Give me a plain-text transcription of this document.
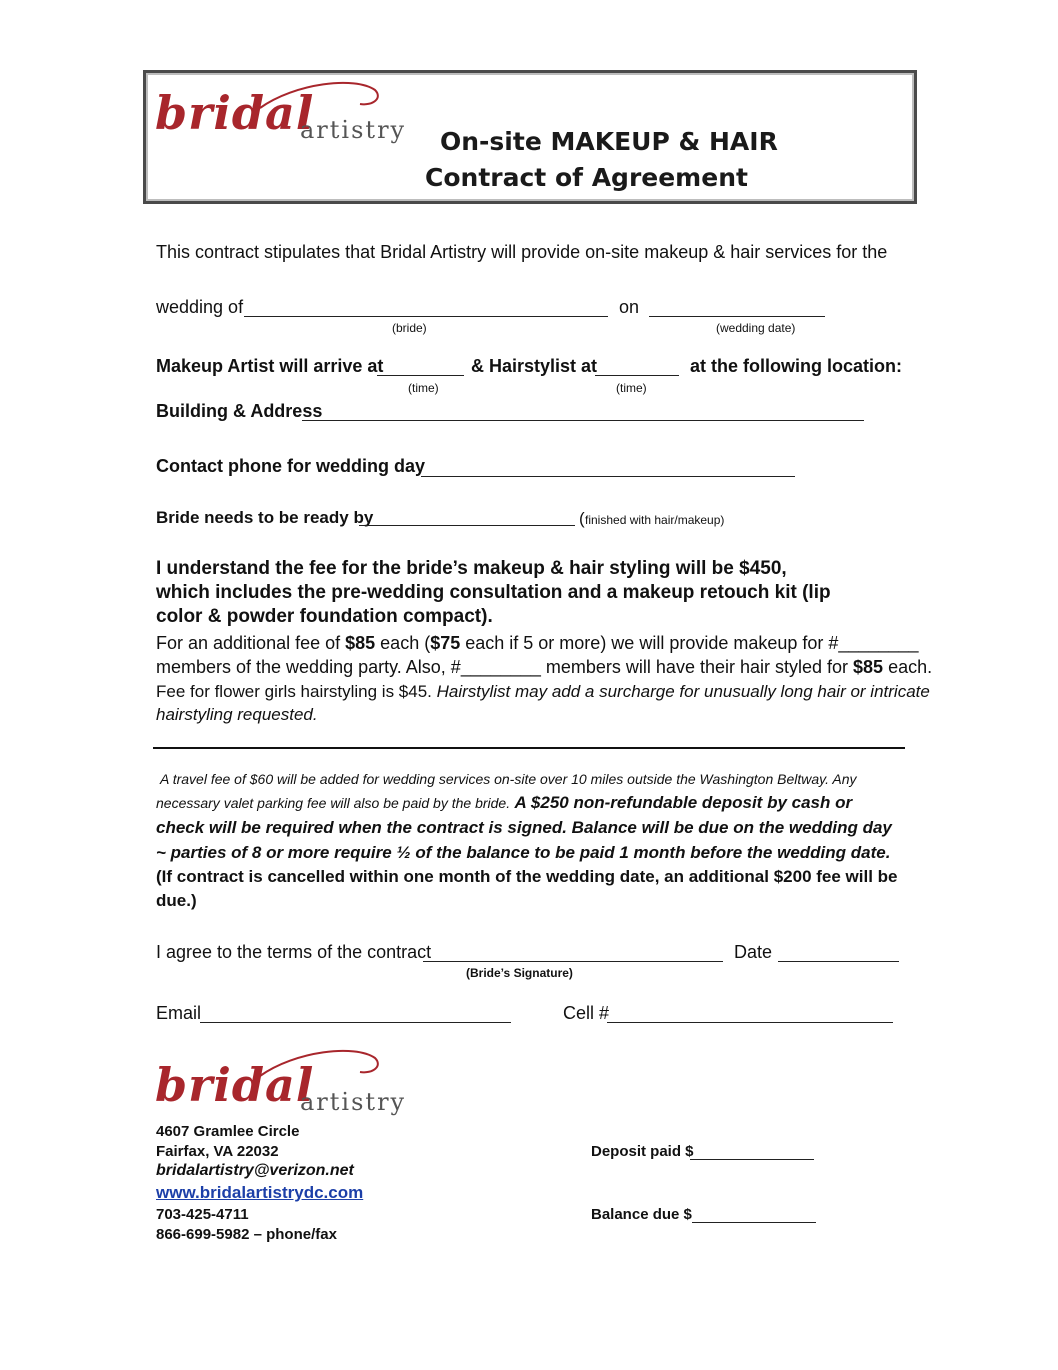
bridal
artistry On-site MAKEUP & HAIR
Contract of Agreement
This contract stipulates that Bridal Artistry will provide on-site makeup & hair services for the
wedding of	on
(bride)	(wedding date)
Makeup Artist will arrive at	& Hairstylist at	at the following location:
(time)	(time)
Building & Address
Contact phone for wedding day
Bride needs to be ready by	( finished with hair/makeup)
I understand the fee for the bride’s makeup & hair styling will be $450,
which includes the pre-wedding consultation and a makeup retouch kit (lip
color & powder foundation compact).
For an additional fee of $85 each ($75 each if 5 or more) we will provide makeup for #________
members of the wedding party. Also, #________ members will have their hair styled for $85 each.
Fee for flower girls hairstyling is $45. Hairstylist may add a surcharge for unusually long hair or intricate
hairstyling requested.
A travel fee of $60 will be added for wedding services on-site over 10 miles outside the Washington Beltway. Any
necessary valet parking fee will also be paid by the bride. A $250 non-refundable deposit by cash or
check will be required when the contract is signed. Balance will be due on the wedding day
~ parties of 8 or more require ½ of the balance to be paid 1 month before the wedding date.
(If contract is cancelled within one month of the wedding date, an additional $200 fee will be
due.)
I agree to the terms of the contract	Date
(Bride’s Signature)
Email	Cell #
bridal
artistry
4607 Gramlee Circle
Fairfax, VA 22032
bridalartistry@verizon.net
www.bridalartistrydc.com
703-425-4711
866-699-5982 – phone/fax
Deposit paid $
Balance due $
